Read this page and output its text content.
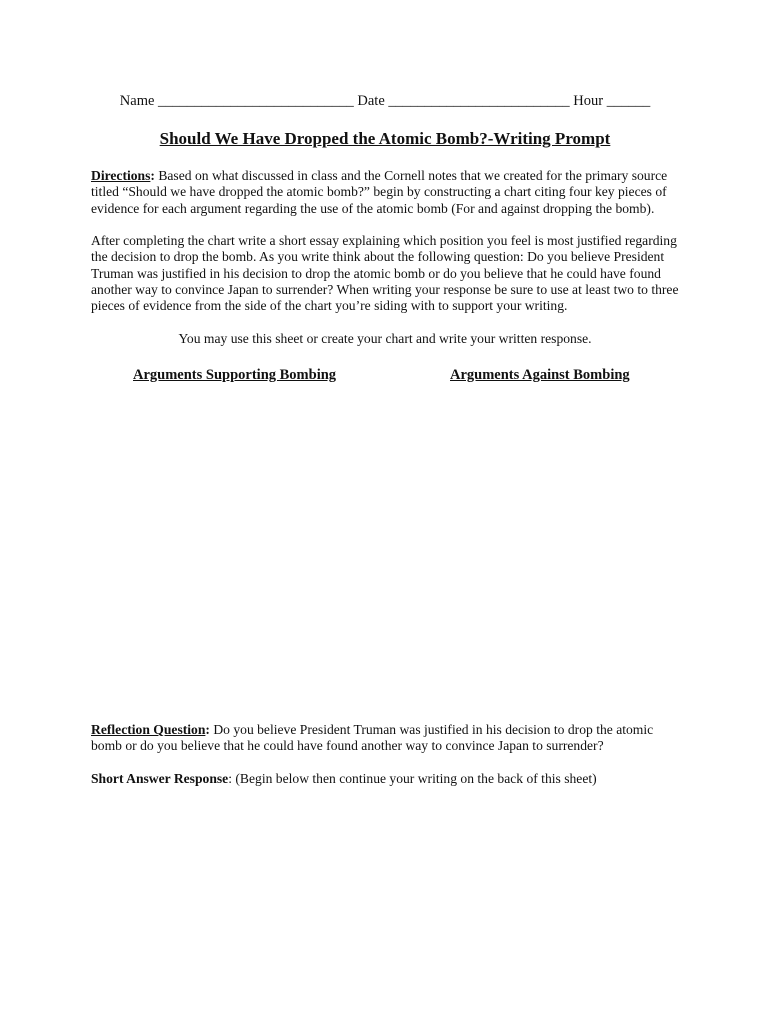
Name ___________________________ Date _________________________ Hour ______
Should We Have Dropped the Atomic Bomb?-Writing Prompt
Directions: Based on what discussed in class and the Cornell notes that we created for the primary source titled “Should we have dropped the atomic bomb?” begin by constructing a chart citing four key pieces of evidence for each argument regarding the use of the atomic bomb (For and against dropping the bomb).
After completing the chart write a short essay explaining which position you feel is most justified regarding the decision to drop the bomb. As you write think about the following question: Do you believe President Truman was justified in his decision to drop the atomic bomb or do you believe that he could have found another way to convince Japan to surrender? When writing your response be sure to use at least two to three pieces of evidence from the side of the chart you’re siding with to support your writing.
You may use this sheet or create your chart and write your written response.
Arguments Supporting Bombing	Arguments Against Bombing
Reflection Question: Do you believe President Truman was justified in his decision to drop the atomic bomb or do you believe that he could have found another way to convince Japan to surrender?
Short Answer Response: (Begin below then continue your writing on the back of this sheet)
